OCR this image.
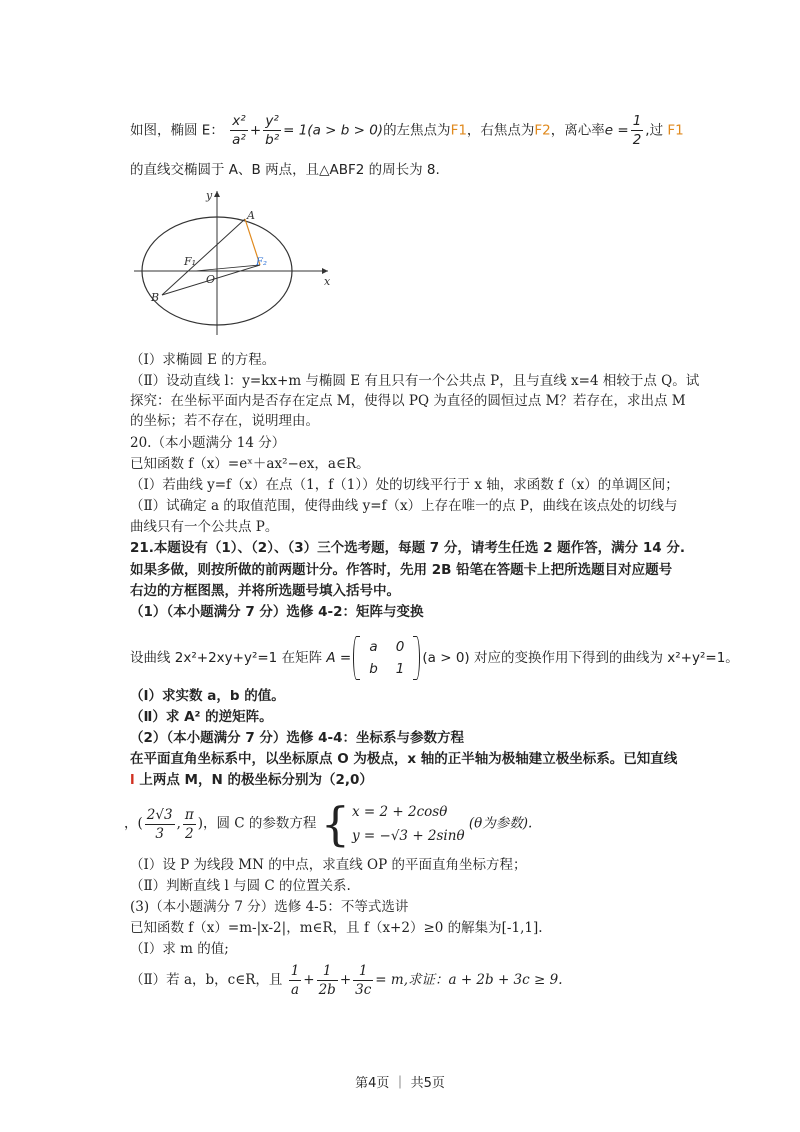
如图，椭圆 E： $\frac{\text{x²}}{\text{a²}} + \frac{\text{y²}}{\text{b²}} = 1(a > b > 0)$的左焦点为F1，右焦点为F2，离心率$e = \frac{1}{2}$ ,过 F1
的直线交椭圆于 A、B 两点，且△ABF2 的周长为 8.
y
x
A
B
O
F₁	F₂
（Ⅰ）求椭圆 E 的方程。
（Ⅱ）设动直线 l：y=kx+m 与椭圆 E 有且只有一个公共点 P，且与直线 x=4 相较于点 Q。试
探究：在坐标平面内是否存在定点 M，使得以 PQ 为直径的圆恒过点 M？若存在，求出点 M
的坐标；若不存在，说明理由。
20.（本小题满分 14 分）
已知函数 f（x）=eˣ＋ax²−ex，a∈R。
（Ⅰ）若曲线 y=f（x）在点（1，f（1））处的切线平行于 x 轴，求函数 f（x）的单调区间；
（Ⅱ）试确定 a 的取值范围，使得曲线 y=f（x）上存在唯一的点 P，曲线在该点处的切线与
曲线只有一个公共点 P。
21.本题设有（1）、（2）、（3）三个选考题，每题 7 分，请考生任选 2 题作答，满分 14 分.
如果多做，则按所做的前两题计分。作答时，先用 2B 铅笔在答题卡上把所选题目对应题号
右边的方框图黑，并将所选题号填入括号中。
（1）（本小题满分 7 分）选修 4-2：矩阵与变换
设曲线 2x²+2xy+y²=1 在矩阵 A =
a	0
b	1
(a > 0) 对应的变换作用下得到的曲线为 x²+y²=1。
（Ⅰ）求实数 a，b 的值。
（Ⅱ）求 A² 的逆矩阵。
（2）（本小题满分 7 分）选修 4-4：坐标系与参数方程
在平面直角坐标系中，以坐标原点 O 为极点，x 轴的正半轴为极轴建立极坐标系。已知直线
l 上两点 M，N 的极坐标分别为（2,0）
，( $\frac{2√3}{3}$ , $\frac{\pi}{2}$ )，圆 C 的参数方程 { x = 2 + 2cosθ
y = −√3 + 2sinθ
(θ为参数).
（Ⅰ）设 P 为线段 MN 的中点，求直线 OP 的平面直角坐标方程；
（Ⅱ）判断直线 l 与圆 C 的位置关系.
(3)（本小题满分 7 分）选修 4-5：不等式选讲
已知函数 f（x）=m-|x-2|，m∈R，且 f（x+2）≥0 的解集为[-1,1].
（Ⅰ）求 m 的值;
（Ⅱ）若 a，b，c∈R，且 $\frac{1}{a} + \frac{1}{2b} + \frac{1}{3c} = m$,求证：a + 2b + 3c ≥ 9.
第4页 ｜ 共5页
